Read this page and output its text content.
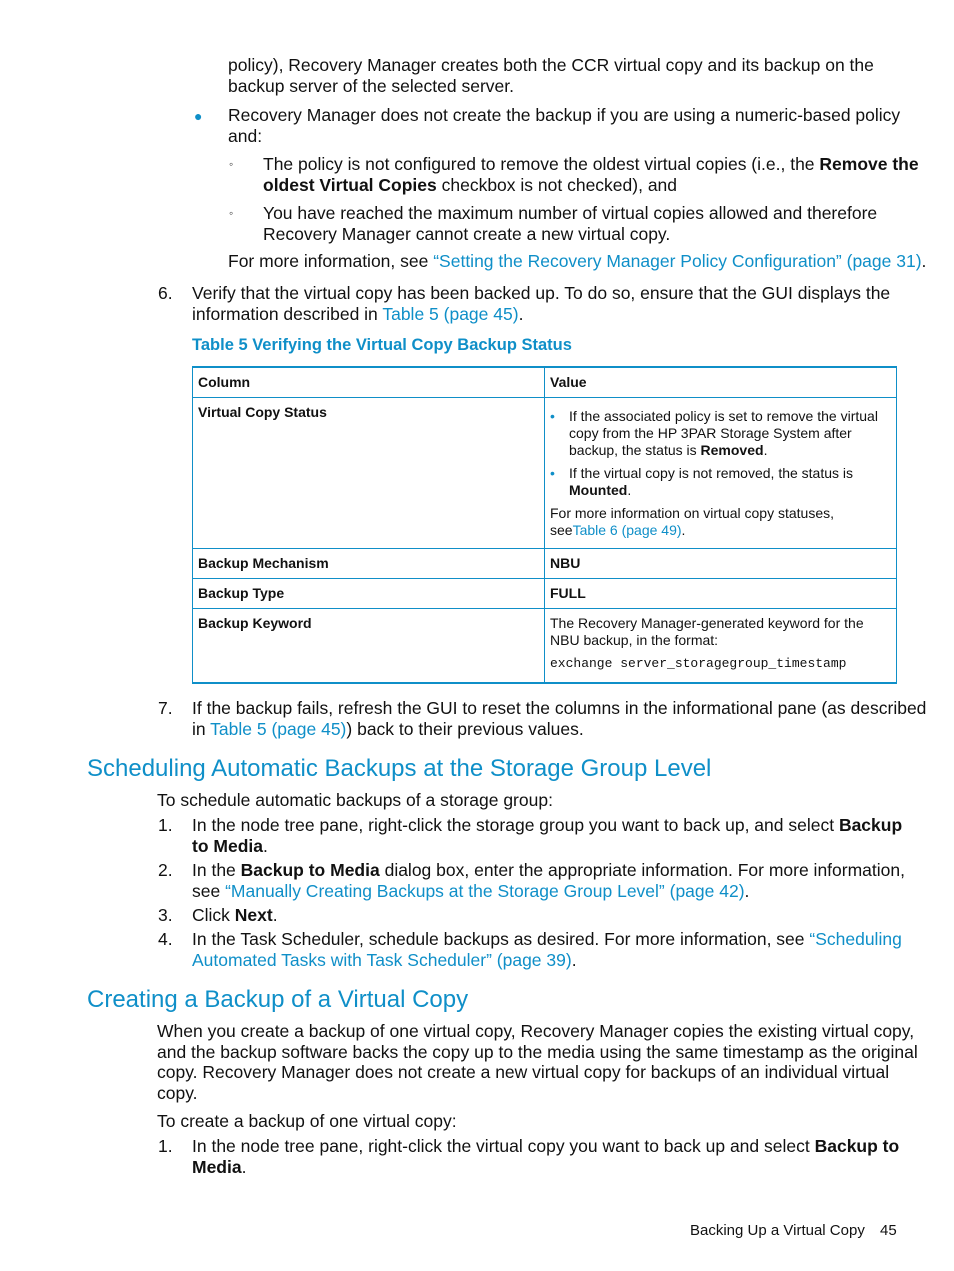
policy), Recovery Manager creates both the CCR virtual copy and its backup on the
backup server of the selected server.
● Recovery Manager does not create the backup if you are using a numeric-based policy
and:
◦ The policy is not configured to remove the oldest virtual copies (i.e., the Remove the
oldest Virtual Copies checkbox is not checked), and
◦ You have reached the maximum number of virtual copies allowed and therefore
Recovery Manager cannot create a new virtual copy.
For more information, see “Setting the Recovery Manager Policy Configuration” (page 31).
6. Verify that the virtual copy has been backed up. To do so, ensure that the GUI displays the
information described in Table 5 (page 45).
Table 5 Verifying the Virtual Copy Backup Status
Column	Value
Virtual Copy Status	• If the associated policy is set to remove the virtual copy from the HP 3PAR Storage System after backup, the status is Removed.
• If the virtual copy is not removed, the status is Mounted.
For more information on virtual copy statuses, seeTable 6 (page 49).

Backup Mechanism	NBU
Backup Type	FULL
Backup Keyword	The Recovery Manager-generated keyword for the NBU backup, in the format:
exchange server_storagegroup_timestamp
7. If the backup fails, refresh the GUI to reset the columns in the informational pane (as described
in Table 5 (page 45)) back to their previous values.
Scheduling Automatic Backups at the Storage Group Level
To schedule automatic backups of a storage group:
1. In the node tree pane, right-click the storage group you want to back up, and select Backup
to Media.
2. In the Backup to Media dialog box, enter the appropriate information. For more information,
see “Manually Creating Backups at the Storage Group Level” (page 42).
3. Click Next.
4. In the Task Scheduler, schedule backups as desired. For more information, see “Scheduling
Automated Tasks with Task Scheduler” (page 39).
Creating a Backup of a Virtual Copy
When you create a backup of one virtual copy, Recovery Manager copies the existing virtual copy,
and the backup software backs the copy up to the media using the same timestamp as the original
copy. Recovery Manager does not create a new virtual copy for backups of an individual virtual
copy.
To create a backup of one virtual copy:
1. In the node tree pane, right-click the virtual copy you want to back up and select Backup to
Media.
Backing Up a Virtual Copy 45
